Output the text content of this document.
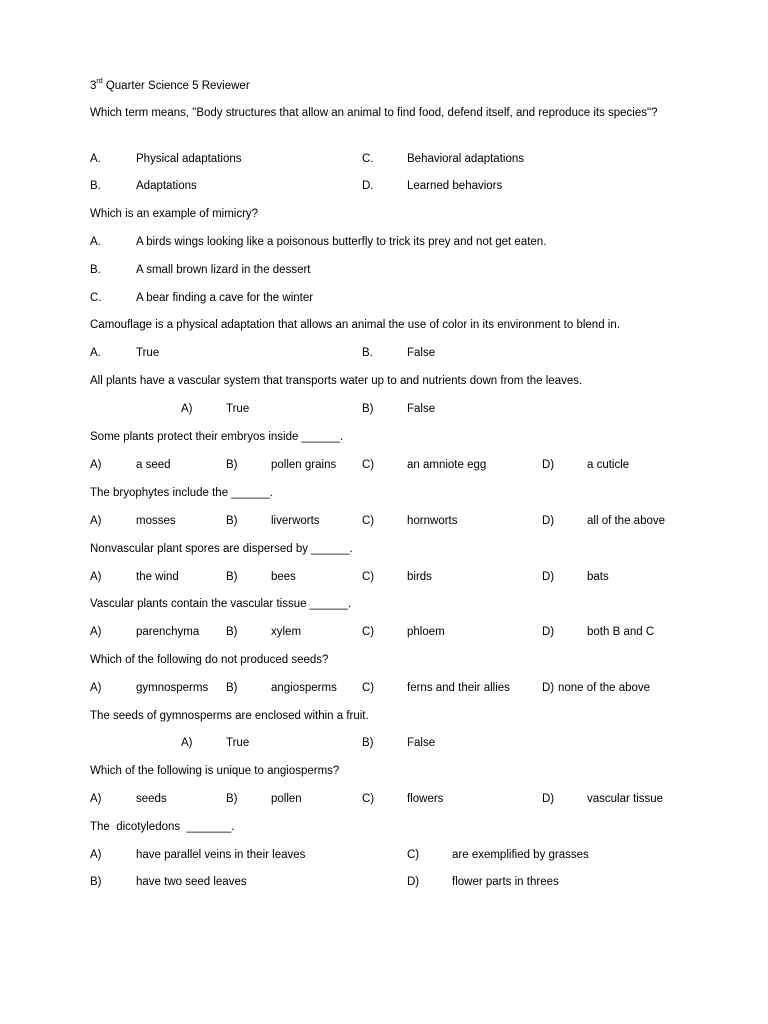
3rd Quarter Science 5 Reviewer
Which term means, "Body structures that allow an animal to find food, defend itself, and reproduce its species"?
A.	Physical adaptations	C.	Behavioral adaptations
B.	Adaptations	D.	Learned behaviors
Which is an example of mimicry?
A.	A birds wings looking like a poisonous butterfly to trick its prey and not get eaten.
B.	A small brown lizard in the dessert
C.	A bear finding a cave for the winter
Camouflage is a physical adaptation that allows an animal the use of color in its environment to blend in.
A.	True	B.	False
All plants have a vascular system that transports water up to and nutrients down from the leaves.
A)	True	B)	False
Some plants protect their embryos inside ______.
A)	a seed	B)	pollen grains C)	an amniote egg	D)	a cuticle
The bryophytes include the ______.
A)	mosses	B)	liverworts	C)	hornworts	D)	all of the above
Nonvascular plant spores are dispersed by ______.
A)	the wind	B)	bees	C)	birds	D)	bats
Vascular plants contain the vascular tissue ______.
A)	parenchyma B)	xylem	C)	phloem	D)	both B and C
Which of the following do not produced seeds?
A)	gymnosperms B)	angiosperms C)	ferns and their allies	D) none of the above
The seeds of gymnosperms are enclosed within a fruit.
A)	True	B)	False
Which of the following is unique to angiosperms?
A)	seeds	B)	pollen	C)	flowers	D)	vascular tissue
The  dicotyledons  _______.
A)	have parallel veins in their leaves	C)	are exemplified by grasses
B)	have two seed leaves	D)	flower parts in threes
